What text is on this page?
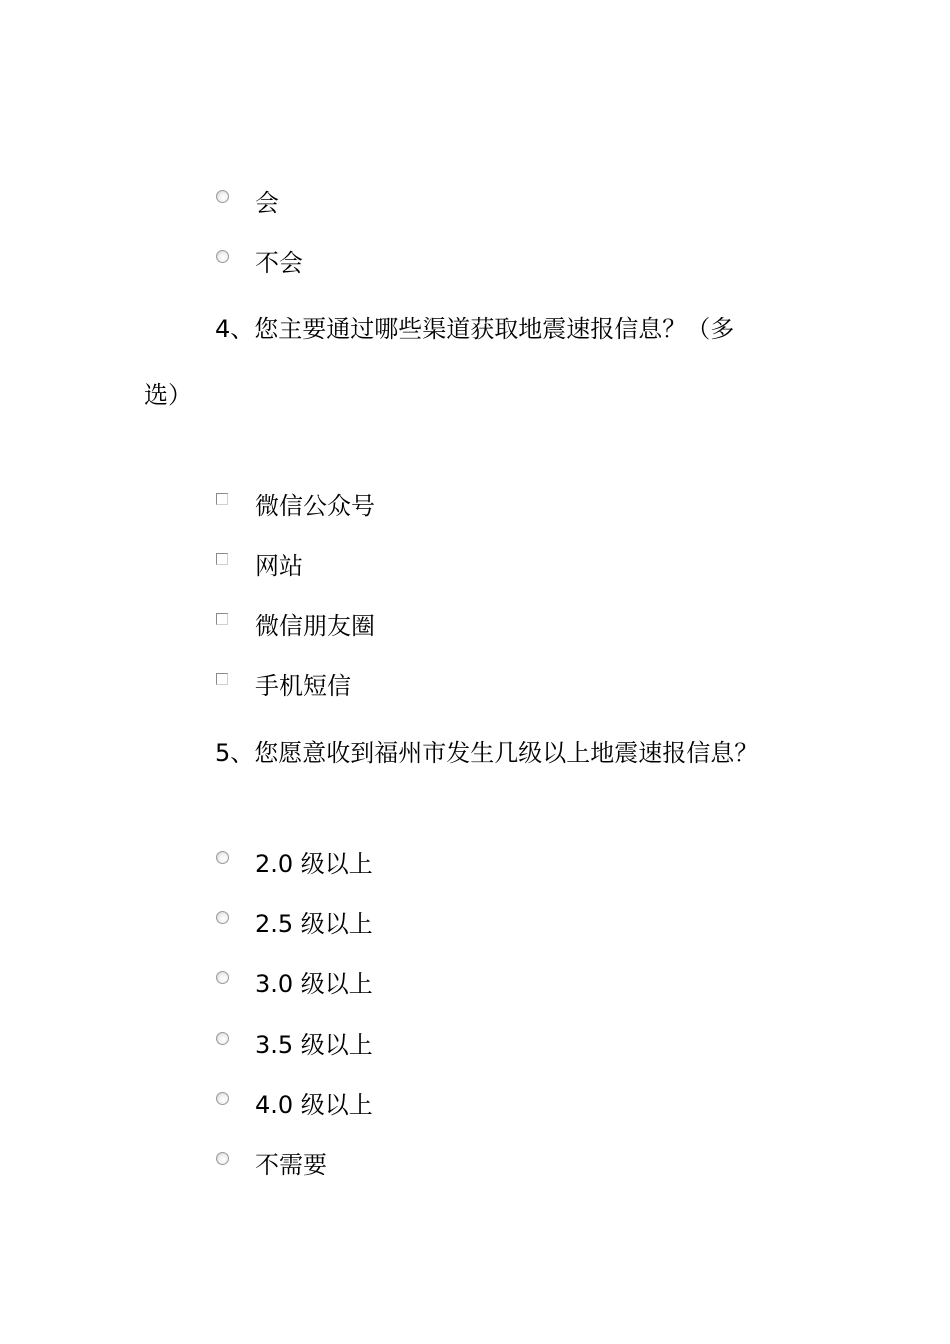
会
不会
4、您主要通过哪些渠道获取地震速报信息？（多
选）
微信公众号
网站
微信朋友圈
手机短信
5、您愿意收到福州市发生几级以上地震速报信息？
2.0 级以上
2.5 级以上
3.0 级以上
3.5 级以上
4.0 级以上
不需要
